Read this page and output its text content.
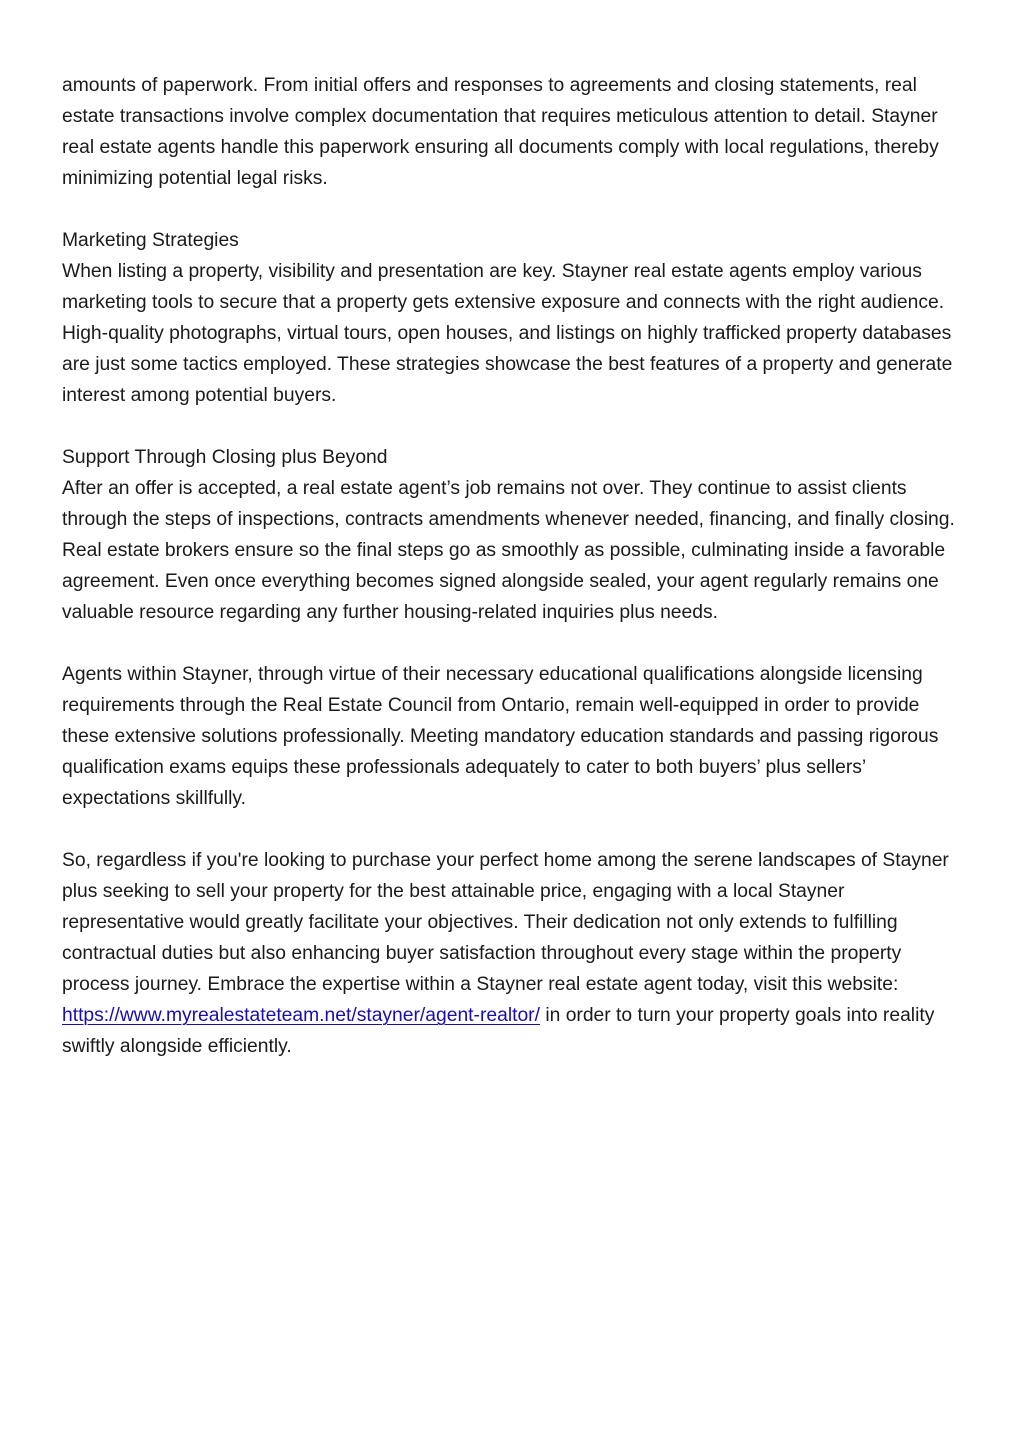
amounts of paperwork. From initial offers and responses to agreements and closing statements, real estate transactions involve complex documentation that requires meticulous attention to detail. Stayner real estate agents handle this paperwork ensuring all documents comply with local regulations, thereby minimizing potential legal risks.

Marketing Strategies

When listing a property, visibility and presentation are key. Stayner real estate agents employ various marketing tools to secure that a property gets extensive exposure and connects with the right audience. High-quality photographs, virtual tours, open houses, and listings on highly trafficked property databases are just some tactics employed. These strategies showcase the best features of a property and generate interest among potential buyers.

Support Through Closing plus Beyond

After an offer is accepted, a real estate agent’s job remains not over. They continue to assist clients through the steps of inspections, contracts amendments whenever needed, financing, and finally closing. Real estate brokers ensure so the final steps go as smoothly as possible, culminating inside a favorable agreement. Even once everything becomes signed alongside sealed, your agent regularly remains one valuable resource regarding any further housing-related inquiries plus needs.

Agents within Stayner, through virtue of their necessary educational qualifications alongside licensing requirements through the Real Estate Council from Ontario, remain well-equipped in order to provide these extensive solutions professionally. Meeting mandatory education standards and passing rigorous qualification exams equips these professionals adequately to cater to both buyers’ plus sellers’ expectations skillfully.

So, regardless if you're looking to purchase your perfect home among the serene landscapes of Stayner plus seeking to sell your property for the best attainable price, engaging with a local Stayner representative would greatly facilitate your objectives. Their dedication not only extends to fulfilling contractual duties but also enhancing buyer satisfaction throughout every stage within the property process journey. Embrace the expertise within a Stayner real estate agent today, visit this website: https://www.myrealestateteam.net/stayner/agent-realtor/ in order to turn your property goals into reality swiftly alongside efficiently.
